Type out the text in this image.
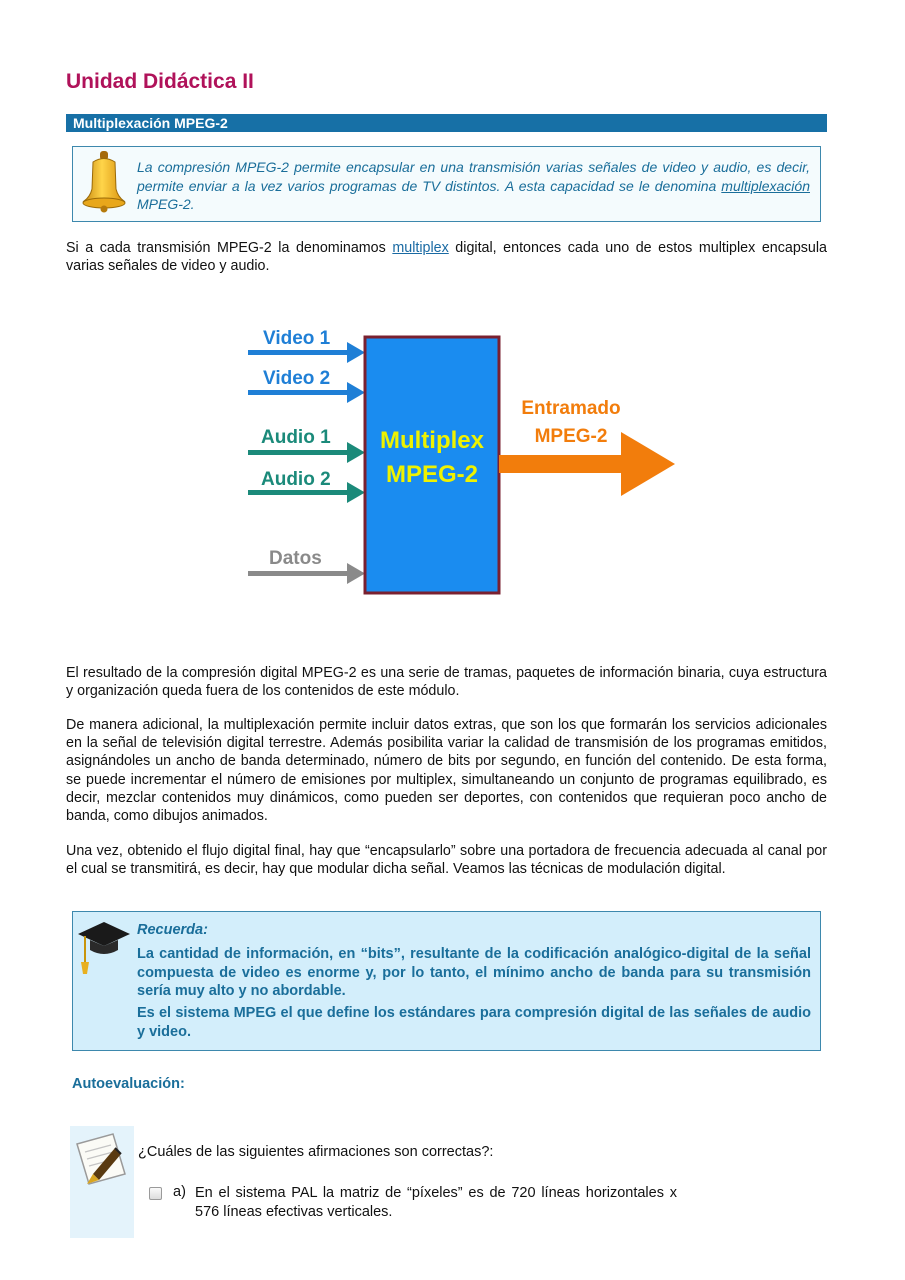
Unidad Didáctica II
Multiplexación MPEG-2

La compresión MPEG-2 permite encapsular en una transmisión varias señales de video y audio, es decir, permite enviar a la vez varios programas de TV distintos. A esta capacidad se le denomina multiplexación MPEG-2.

Si a cada transmisión MPEG-2 la denominamos multiplex digital, entonces cada uno de estos multiplex encapsula varias señales de video y audio.

Video 1
Video 2
Audio 1
Audio 2
Datos
Multiplex
MPEG-2
Entramado
MPEG-2

El resultado de la compresión digital MPEG-2 es una serie de tramas, paquetes de información binaria, cuya estructura y organización queda fuera de los contenidos de este módulo.

De manera adicional, la multiplexación permite incluir datos extras, que son los que formarán los servicios adicionales en la señal de televisión digital terrestre. Además posibilita variar la calidad de transmisión de los programas emitidos, asignándoles un ancho de banda determinado, número de bits por segundo, en función del contenido. De esta forma, se puede incrementar el número de emisiones por multiplex, simultaneando un conjunto de programas equilibrado, es decir, mezclar contenidos muy dinámicos, como pueden ser deportes, con contenidos que requieran poco ancho de banda, como dibujos animados.

Una vez, obtenido el flujo digital final, hay que “encapsularlo” sobre una portadora de frecuencia adecuada al canal por el cual se transmitirá, es decir, hay que modular dicha señal. Veamos las técnicas de modulación digital.

Recuerda:

La cantidad de información, en “bits”, resultante de la codificación analógico-digital de la señal compuesta de video es enorme y, por lo tanto, el mínimo ancho de banda para su transmisión sería muy alto y no abordable.

Es el sistema MPEG el que define los estándares para compresión digital de las señales de audio y video.

Autoevaluación:

¿Cuáles de las siguientes afirmaciones son correctas?:

a) En el sistema PAL la matriz de “píxeles” es de 720 líneas horizontales x 576 líneas efectivas verticales.
